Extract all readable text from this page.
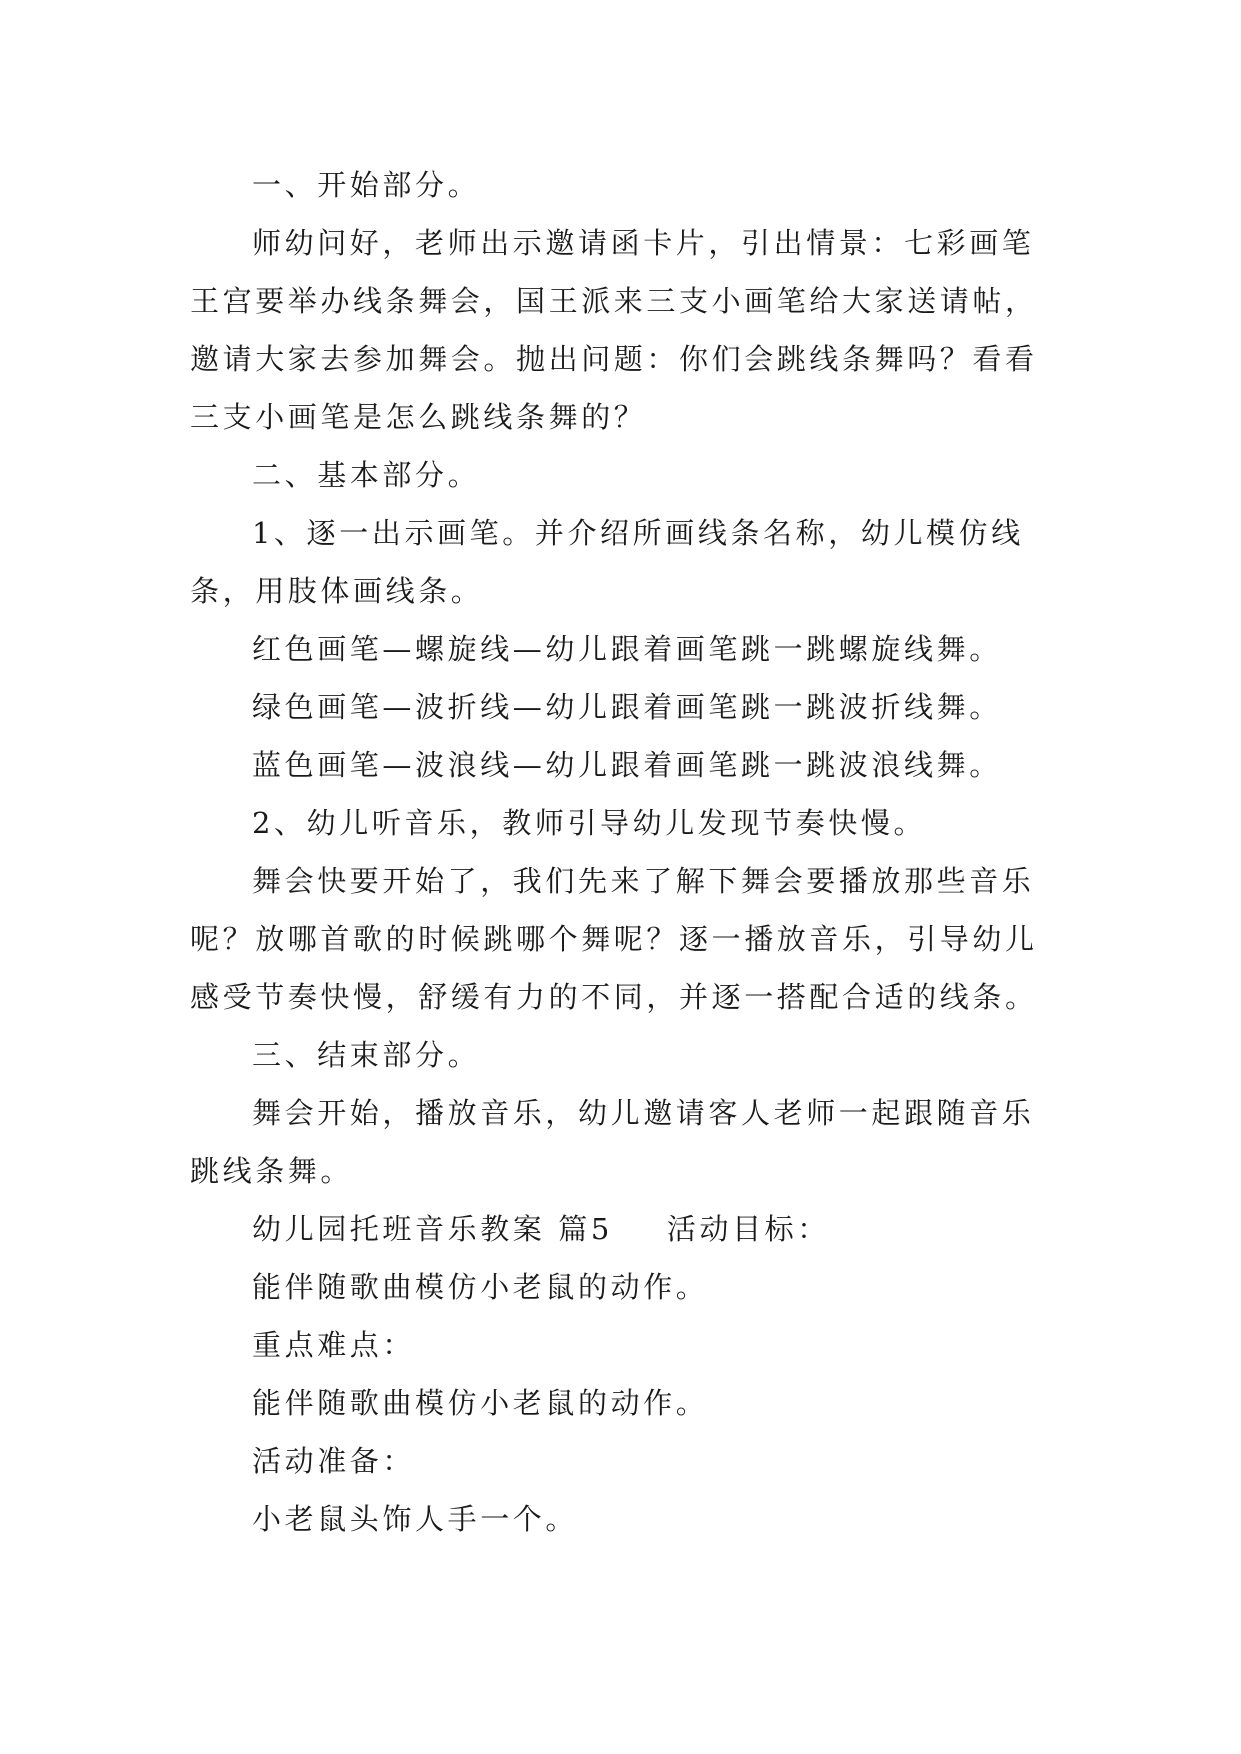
一、开始部分。
师幼问好，老师出示邀请函卡片，引出情景：七彩画笔
王宫要举办线条舞会，国王派来三支小画笔给大家送请帖，
邀请大家去参加舞会。抛出问题：你们会跳线条舞吗？看看
三支小画笔是怎么跳线条舞的？
二、基本部分。
1、逐一出示画笔。并介绍所画线条名称，幼儿模仿线
条，用肢体画线条。
红色画笔—螺旋线—幼儿跟着画笔跳一跳螺旋线舞。
绿色画笔—波折线—幼儿跟着画笔跳一跳波折线舞。
蓝色画笔—波浪线—幼儿跟着画笔跳一跳波浪线舞。
2、幼儿听音乐，教师引导幼儿发现节奏快慢。
舞会快要开始了，我们先来了解下舞会要播放那些音乐
呢？放哪首歌的时候跳哪个舞呢？逐一播放音乐，引导幼儿
感受节奏快慢，舒缓有力的不同，并逐一搭配合适的线条。
三、结束部分。
舞会开始，播放音乐，幼儿邀请客人老师一起跟随音乐
跳线条舞。
幼儿园托班音乐教案 篇5 活动目标：
能伴随歌曲模仿小老鼠的动作。
重点难点：
能伴随歌曲模仿小老鼠的动作。
活动准备：
小老鼠头饰人手一个。
